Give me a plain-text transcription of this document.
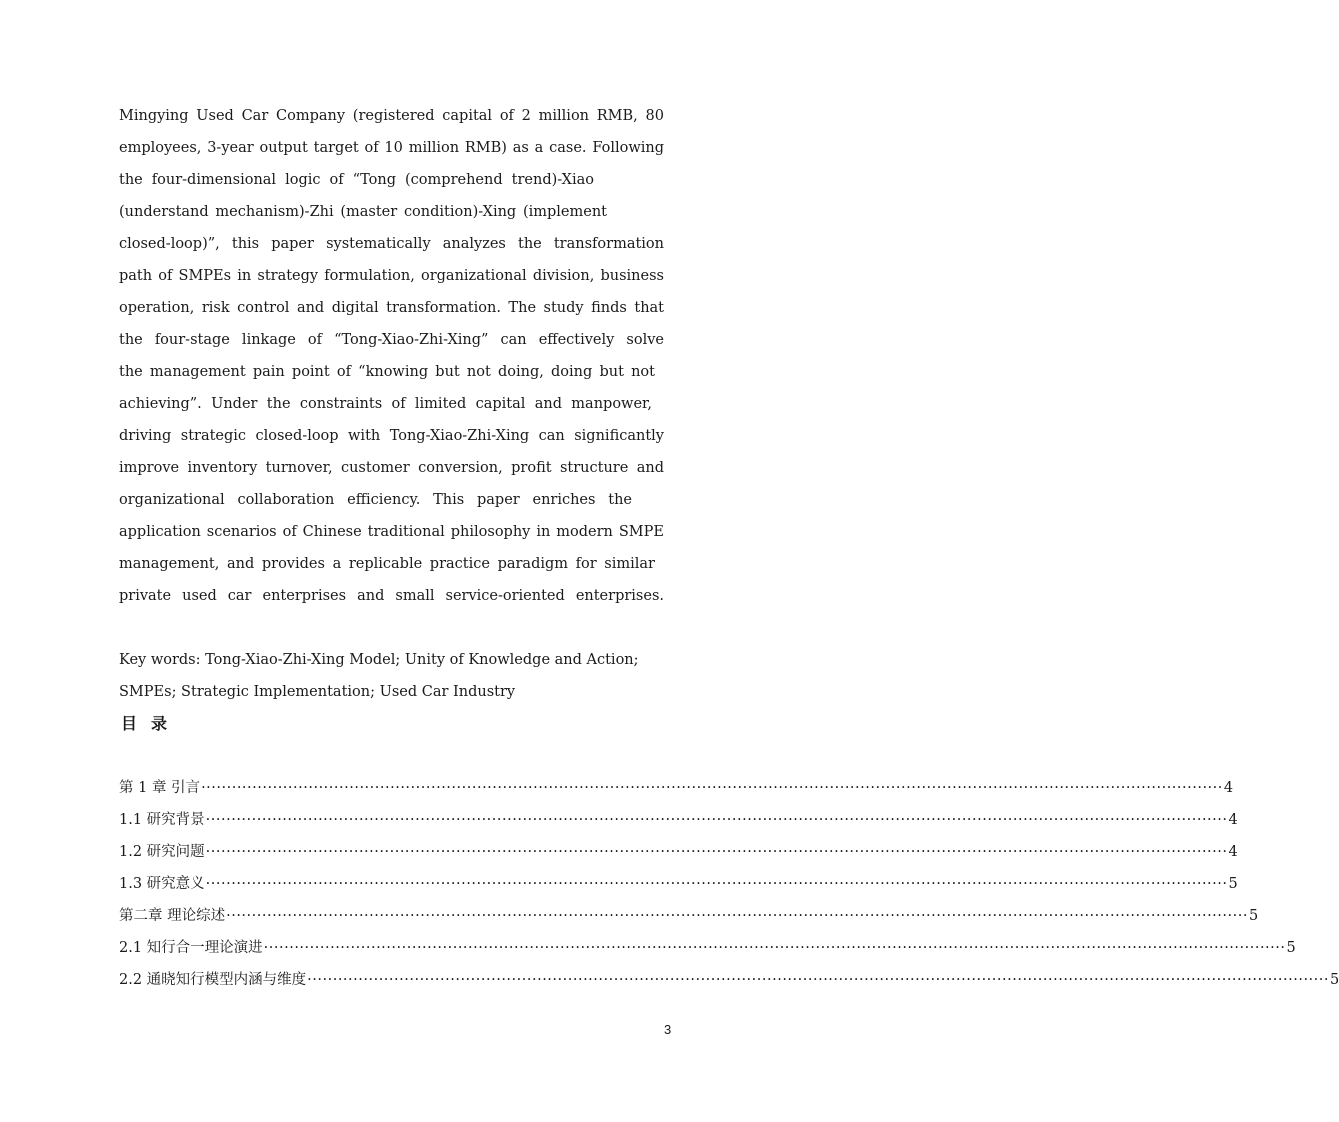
Mingying Used Car Company (registered capital of 2 million RMB, 80
employees, 3-year output target of 10 million RMB) as a case. Following
the four-dimensional logic of “Tong (comprehend trend)-Xiao
(understand mechanism)-Zhi (master condition)-Xing (implement
closed-loop)”, this paper systematically analyzes the transformation
path of SMPEs in strategy formulation, organizational division, business
operation, risk control and digital transformation. The study finds that
the four-stage linkage of “Tong-Xiao-Zhi-Xing” can effectively solve
the management pain point of “knowing but not doing, doing but not
achieving”. Under the constraints of limited capital and manpower,
driving strategic closed-loop with Tong-Xiao-Zhi-Xing can significantly
improve inventory turnover, customer conversion, profit structure and
organizational collaboration efficiency. This paper enriches the
application scenarios of Chinese traditional philosophy in modern SMPE
management, and provides a replicable practice paradigm for similar
private used car enterprises and small service-oriented enterprises.
Key words: Tong-Xiao-Zhi-Xing Model; Unity of Knowledge and Action;
SMPEs; Strategic Implementation; Used Car Industry
目录
第 1 章 引言 ········································································································································································································ 4
1.1 研究背景 ········································································································································································································ 4
1.2 研究问题 ········································································································································································································ 4
1.3 研究意义 ········································································································································································································ 5
第二章 理论综述 ········································································································································································································ 5
2.1 知行合一理论演进 ········································································································································································································ 5
2.2 通晓知行模型内涵与维度 ········································································································································································································ 5
3
